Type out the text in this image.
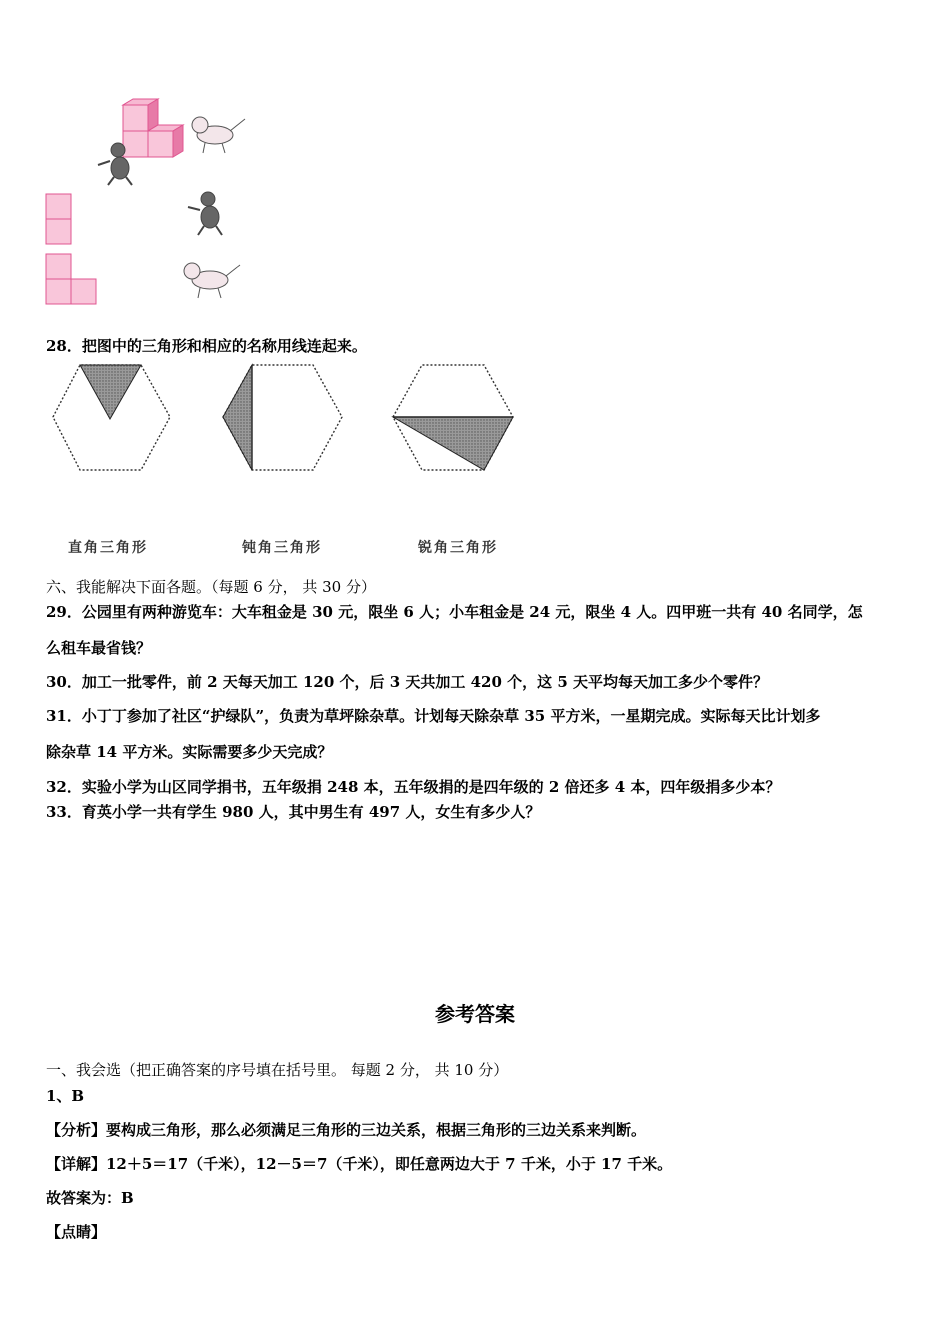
28．把图中的三角形和相应的名称用线连起来。
直角三角形	钝角三角形	锐角三角形
六、我能解决下面各题。（每题 6 分， 共 30 分）
29．公园里有两种游览车：大车租金是 30 元，限坐 6 人；小车租金是 24 元，限坐 4 人。四甲班一共有 40 名同学，怎
么租车最省钱？
30．加工一批零件，前 2 天每天加工 120 个，后 3 天共加工 420 个，这 5 天平均每天加工多少个零件？
31．小丁丁参加了社区“护绿队”，负责为草坪除杂草。计划每天除杂草 35 平方米，一星期完成。实际每天比计划多
除杂草 14 平方米。实际需要多少天完成？
32．实验小学为山区同学捐书，五年级捐 248 本，五年级捐的是四年级的 2 倍还多 4 本，四年级捐多少本？
33．育英小学一共有学生 980 人，其中男生有 497 人，女生有多少人？
参考答案
一、我会选（把正确答案的序号填在括号里。 每题 2 分， 共 10 分）
1、B
【分析】要构成三角形，那么必须满足三角形的三边关系，根据三角形的三边关系来判断。
【详解】12＋5＝17（千米），12－5＝7（千米），即任意两边大于 7 千米，小于 17 千米。
故答案为：B
【点睛】
